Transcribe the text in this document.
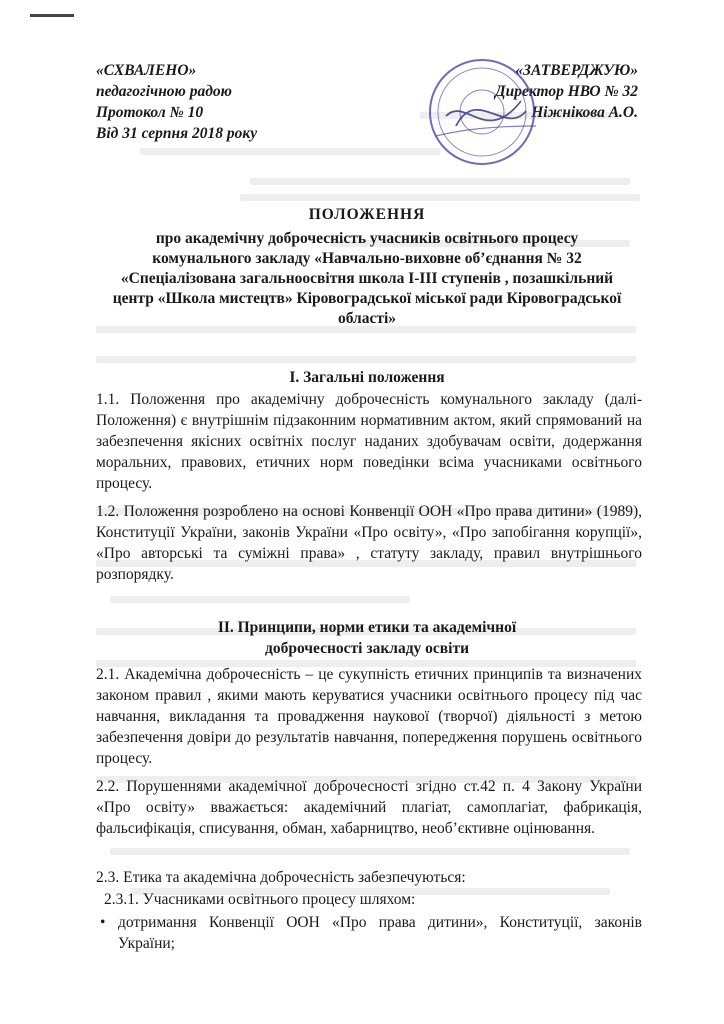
«СХВАЛЕНО»
педагогічною радою
Протокол № 10
Від 31 серпня 2018 року
«ЗАТВЕРДЖУЮ»
Директор НВО № 32
Ніжнікова А.О.
ПОЛОЖЕННЯ
про академічну доброчесність учасників освітнього процесу
комунального закладу «Навчально-виховне об’єднання № 32
«Спеціалізована загальноосвітня школа І-ІІІ ступенів , позашкільний
центр «Школа мистецтв» Кіровоградської міської ради Кіровоградської
області»
І. Загальні положення
1.1. Положення про академічну доброчесність комунального закладу (далі-Положення) є внутрішнім підзаконним нормативним актом, який спрямований на забезпечення якісних освітніх послуг наданих здобувачам освіти, додержання моральних, правових, етичних норм поведінки всіма учасниками освітнього процесу.
1.2. Положення розроблено на основі Конвенції ООН «Про права дитини» (1989), Конституції України, законів України «Про освіту», «Про запобігання корупції», «Про авторські та суміжні права» , статуту закладу, правил внутрішнього розпорядку.
ІІ. Принципи, норми етики та академічної
доброчесності закладу освіти
2.1. Академічна доброчесність – це сукупність етичних принципів та визначених законом правил , якими мають керуватися учасники освітнього процесу під час навчання, викладання та провадження наукової (творчої) діяльності з метою забезпечення довіри до результатів навчання, попередження порушень освітнього процесу.
2.2. Порушеннями академічної доброчесності згідно ст.42 п. 4 Закону України «Про освіту» вважається: академічний плагіат, самоплагіат, фабрикація, фальсифікація, списування, обман, хабарництво, необ’єктивне оцінювання.
2.3. Етика та академічна доброчесність забезпечуються:
2.3.1. Учасниками освітнього процесу шляхом:
• дотримання Конвенції ООН «Про права дитини», Конституції, законів України;
